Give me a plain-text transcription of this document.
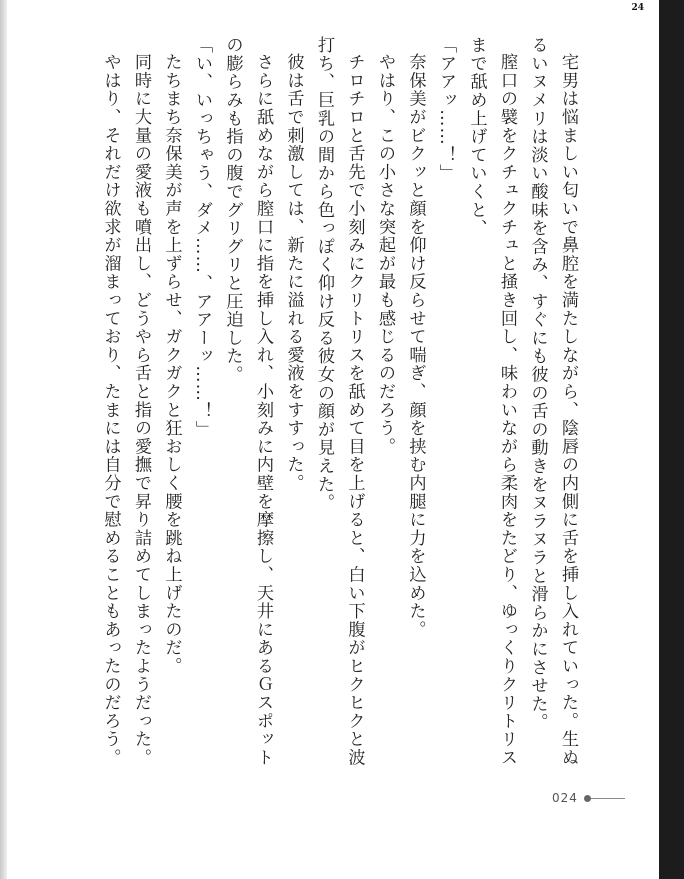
宅男は悩ましい匂いで鼻腔を満たしながら、陰唇の内側に舌を挿し入れていった。生ぬ
るいヌメリは淡い酸味を含み、すぐにも彼の舌の動きをヌラヌラと滑らかにさせた。
膣口の襞をクチュクチュと掻き回し、味わいながら柔肉をたどり、ゆっくりクリトリス
まで舐め上げていくと、
「アアッ……！」
奈保美がビクッと顔を仰け反らせて喘ぎ、顔を挟む内腿に力を込めた。
やはり、この小さな突起が最も感じるのだろう。
チロチロと舌先で小刻みにクリトリスを舐めて目を上げると、白い下腹がヒクヒクと波
打ち、巨乳の間から色っぽく仰け反る彼女の顔が見えた。
彼は舌で刺激しては、新たに溢れる愛液をすすった。
さらに舐めながら膣口に指を挿し入れ、小刻みに内壁を摩擦し、天井にあるＧスポット
の膨らみも指の腹でグリグリと圧迫した。
「い、いっちゃう、ダメ……、アアーッ……！」
たちまち奈保美が声を上ずらせ、ガクガクと狂おしく腰を跳ね上げたのだ。
同時に大量の愛液も噴出し、どうやら舌と指の愛撫で昇り詰めてしまったようだった。
やはり、それだけ欲求が溜まっており、たまには自分で慰めることもあったのだろう。
024
24
